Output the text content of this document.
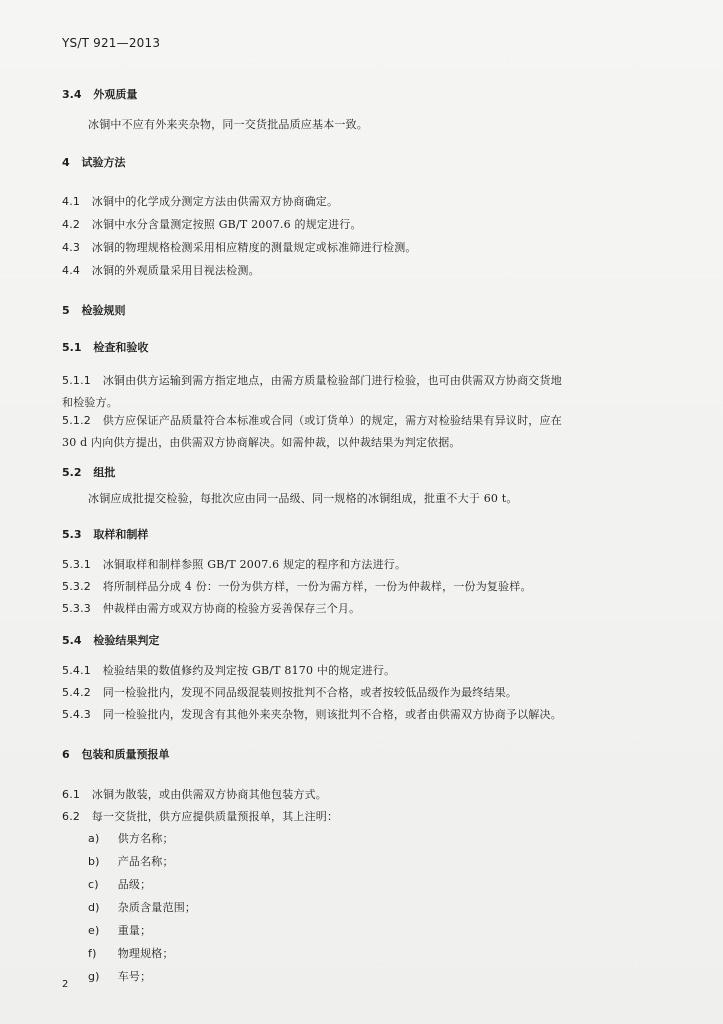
YS/T 921—2013
3.4 外观质量
冰铜中不应有外来夹杂物，同一交货批品质应基本一致。
4 试验方法
4.1 冰铜中的化学成分测定方法由供需双方协商确定。
4.2 冰铜中水分含量测定按照 GB/T 2007.6 的规定进行。
4.3 冰铜的物理规格检测采用相应精度的测量规定或标准筛进行检测。
4.4 冰铜的外观质量采用目视法检测。
5 检验规则
5.1 检查和验收
5.1.1 冰铜由供方运输到需方指定地点，由需方质量检验部门进行检验，也可由供需双方协商交货地
和检验方。
5.1.2 供方应保证产品质量符合本标准或合同（或订货单）的规定，需方对检验结果有异议时，应在
30 d 内向供方提出，由供需双方协商解决。如需仲裁，以仲裁结果为判定依据。
5.2 组批
冰铜应成批提交检验，每批次应由同一品级、同一规格的冰铜组成，批重不大于 60 t。
5.3 取样和制样
5.3.1 冰铜取样和制样参照 GB/T 2007.6 规定的程序和方法进行。
5.3.2 将所制样品分成 4 份：一份为供方样，一份为需方样，一份为仲裁样，一份为复验样。
5.3.3 仲裁样由需方或双方协商的检验方妥善保存三个月。
5.4 检验结果判定
5.4.1 检验结果的数值修约及判定按 GB/T 8170 中的规定进行。
5.4.2 同一检验批内，发现不同品级混装则按批判不合格，或者按较低品级作为最终结果。
5.4.3 同一检验批内，发现含有其他外来夹杂物，则该批判不合格，或者由供需双方协商予以解决。
6 包装和质量预报单
6.1 冰铜为散装，或由供需双方协商其他包装方式。
6.2 每一交货批，供方应提供质量预报单，其上注明：
a) 供方名称；
b) 产品名称；
c) 品级；
d) 杂质含量范围；
e) 重量；
f) 物理规格；
g) 车号；
2
